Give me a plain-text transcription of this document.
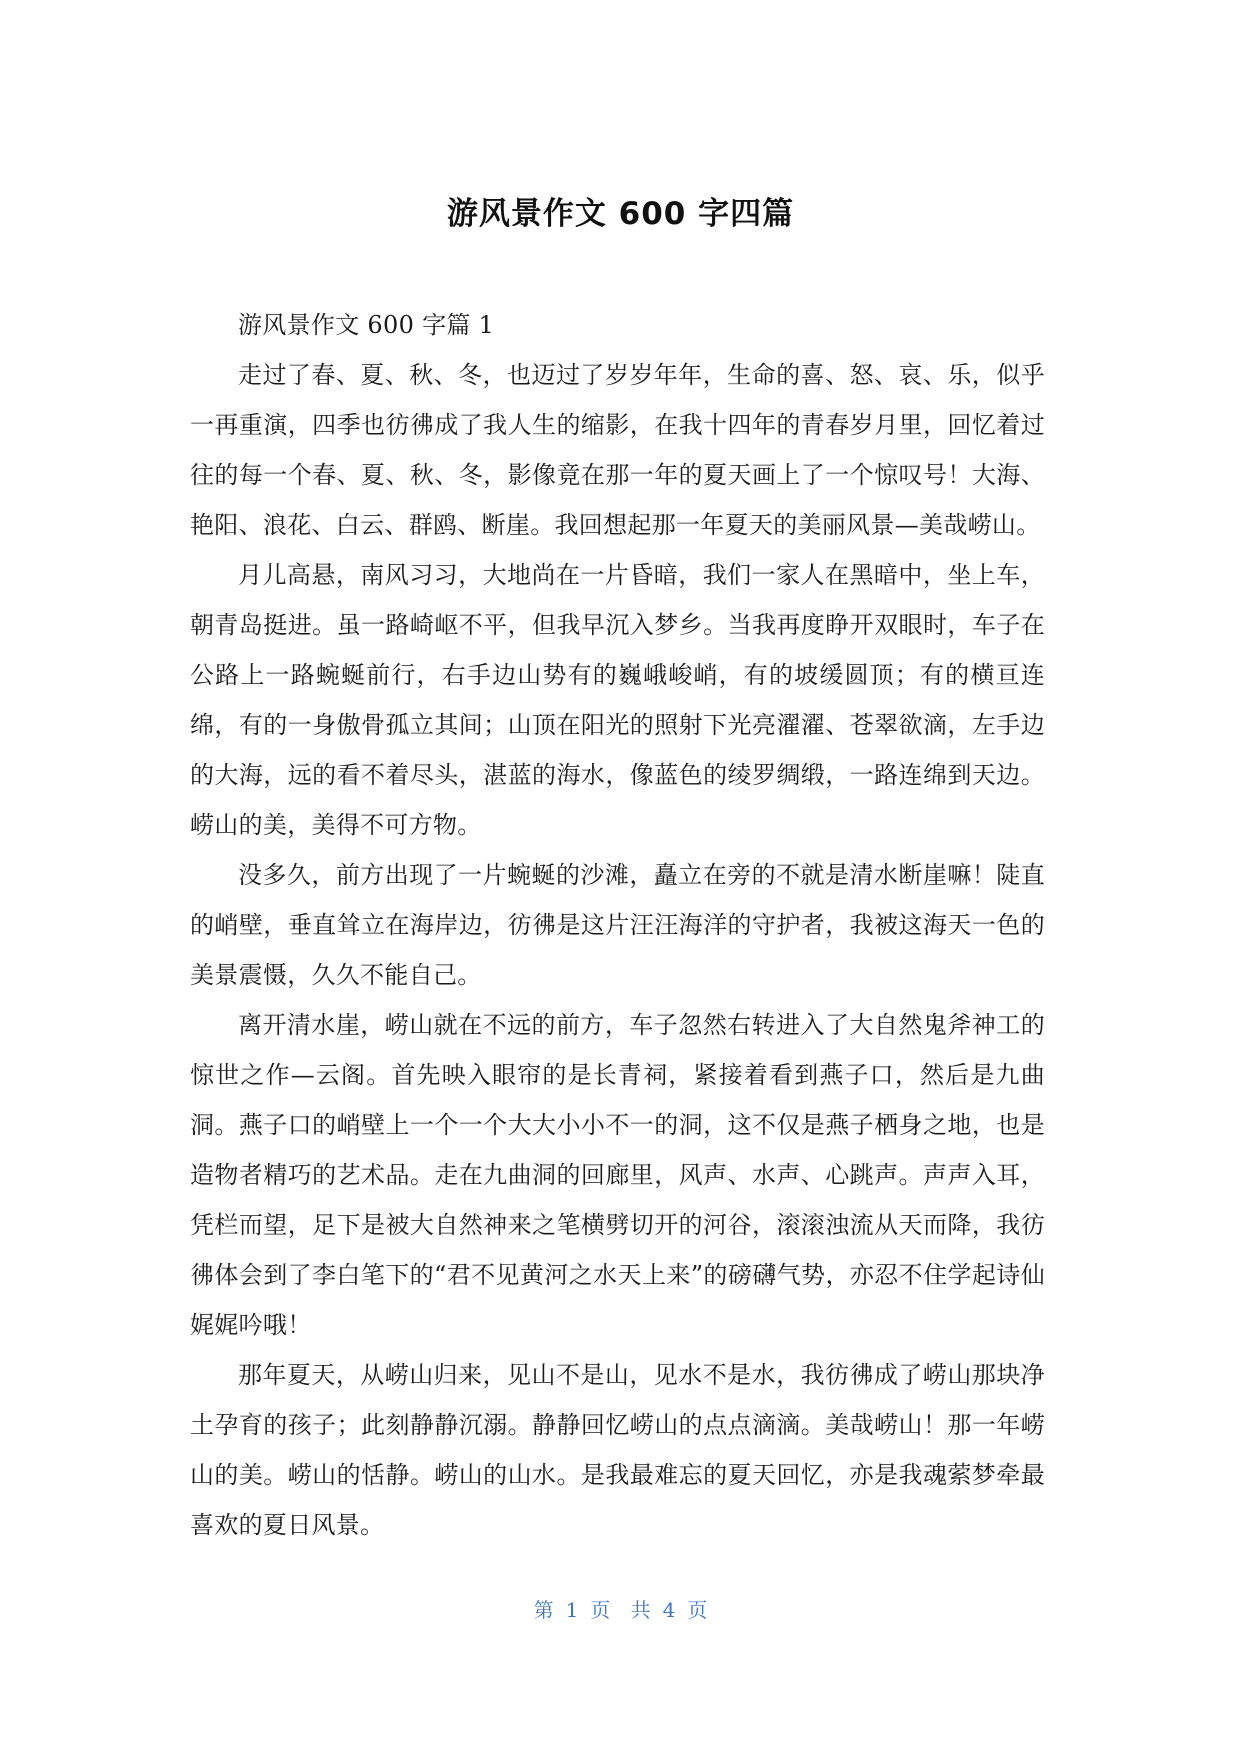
游风景作文 600 字四篇

游风景作文 600 字篇 1

走过了春、夏、秋、冬，也迈过了岁岁年年，生命的喜、怒、哀、乐，似乎一再重演，四季也彷彿成了我人生的缩影，在我十四年的青春岁月里，回忆着过往的每一个春、夏、秋、冬，影像竟在那一年的夏天画上了一个惊叹号！大海、艳阳、浪花、白云、群鸥、断崖。我回想起那一年夏天的美丽风景—美哉崂山。

月儿高悬，南风习习，大地尚在一片昏暗，我们一家人在黑暗中，坐上车，朝青岛挺进。虽一路崎岖不平，但我早沉入梦乡。当我再度睁开双眼时，车子在公路上一路蜿蜒前行，右手边山势有的巍峨峻峭，有的坡缓圆顶；有的横亘连绵，有的一身傲骨孤立其间；山顶在阳光的照射下光亮濯濯、苍翠欲滴，左手边的大海，远的看不着尽头，湛蓝的海水，像蓝色的绫罗绸缎，一路连绵到天边。崂山的美，美得不可方物。

没多久，前方出现了一片蜿蜒的沙滩，矗立在旁的不就是清水断崖嘛！陡直的峭壁，垂直耸立在海岸边，彷彿是这片汪汪海洋的守护者，我被这海天一色的美景震慑，久久不能自己。

离开清水崖，崂山就在不远的前方，车子忽然右转进入了大自然鬼斧神工的惊世之作—云阁。首先映入眼帘的是长青祠，紧接着看到燕子口，然后是九曲洞。燕子口的峭壁上一个一个大大小小不一的洞，这不仅是燕子栖身之地，也是造物者精巧的艺术品。走在九曲洞的回廊里，风声、水声、心跳声。声声入耳，凭栏而望，足下是被大自然神来之笔横劈切开的河谷，滚滚浊流从天而降，我彷彿体会到了李白笔下的“君不见黄河之水天上来”的磅礴气势，亦忍不住学起诗仙娓娓吟哦！

那年夏天，从崂山归来，见山不是山，见水不是水，我彷彿成了崂山那块净土孕育的孩子；此刻静静沉溺。静静回忆崂山的点点滴滴。美哉崂山！那一年崂山的美。崂山的恬静。崂山的山水。是我最难忘的夏天回忆，亦是我魂萦梦牵最喜欢的夏日风景。

第 1 页 共 4 页
